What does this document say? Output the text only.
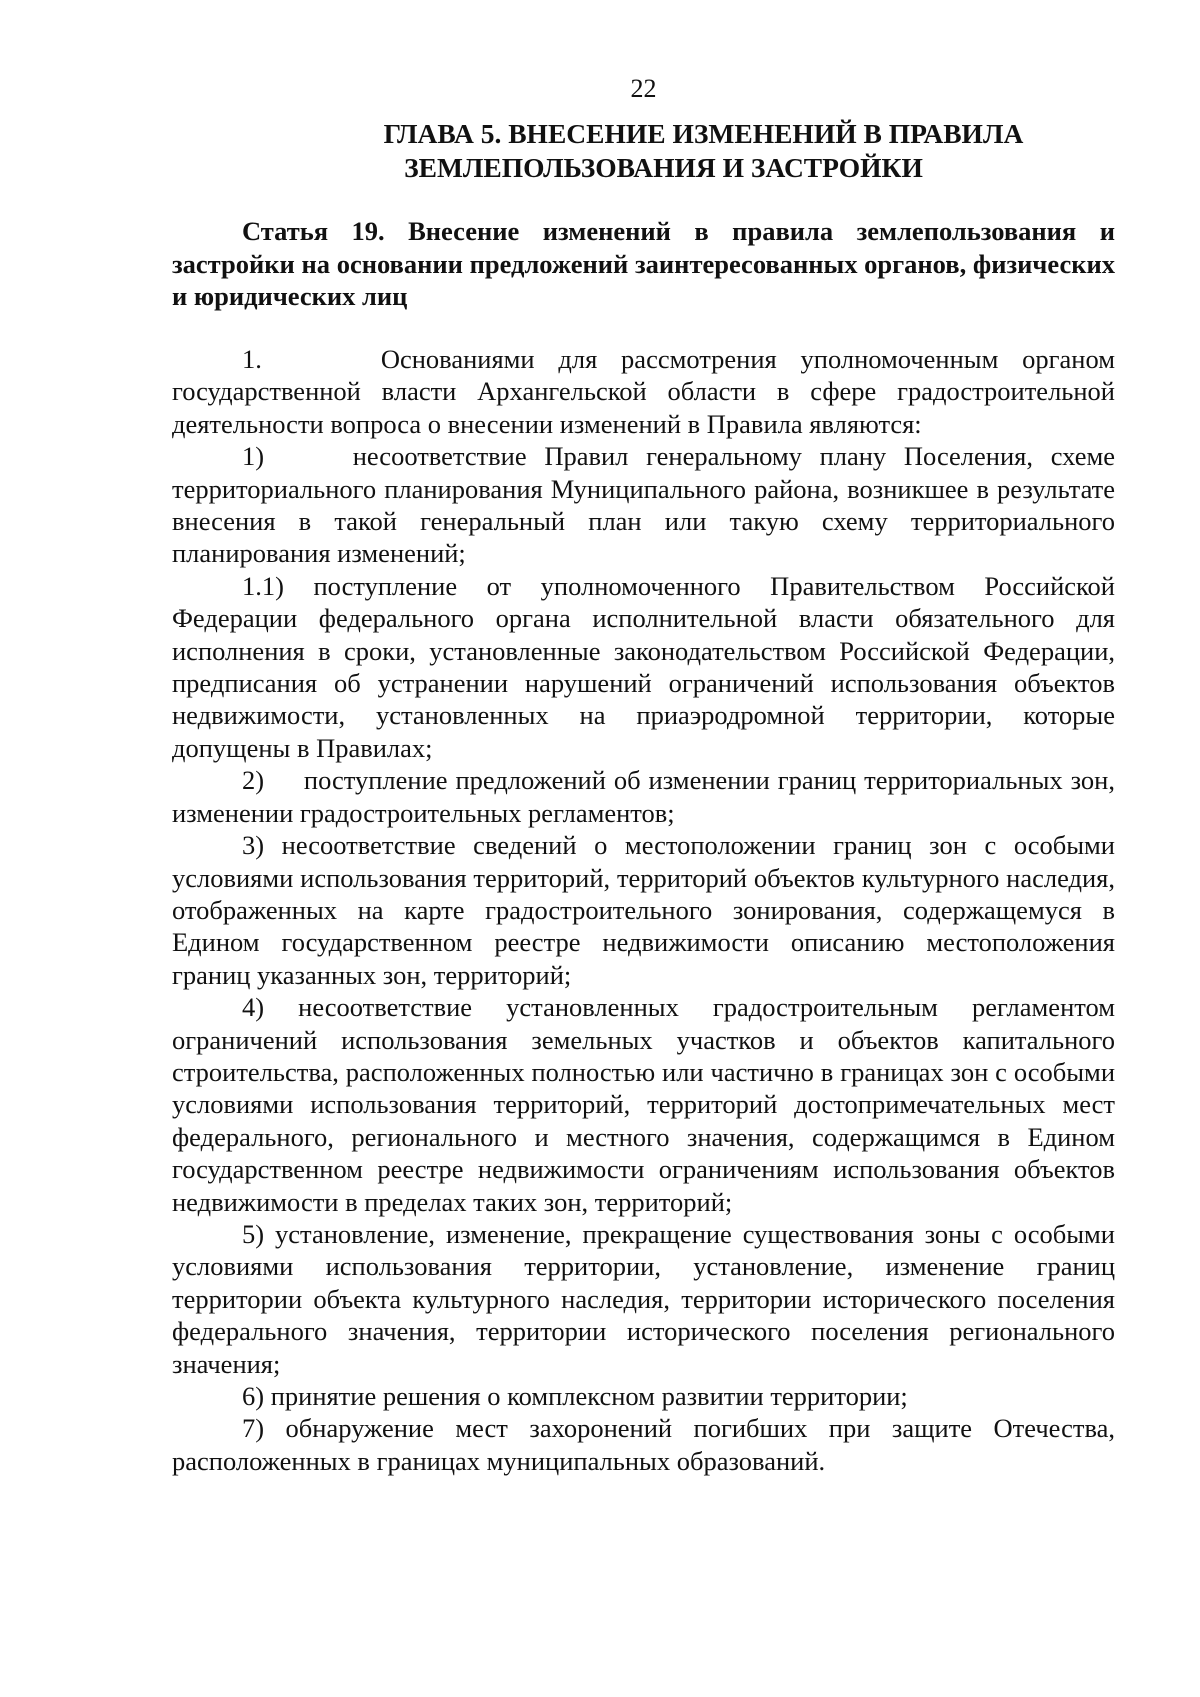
22
ГЛАВА 5. ВНЕСЕНИЕ ИЗМЕНЕНИЙ В ПРАВИЛА
ЗЕМЛЕПОЛЬЗОВАНИЯ И ЗАСТРОЙКИ
Статья 19. Внесение изменений в правила землепользования и застройки на основании предложений заинтересованных органов, физических и юридических лиц

1.     Основаниями для рассмотрения уполномоченным органом государственной власти Архангельской области в сфере градостроительной деятельности вопроса о внесении изменений в Правила являются:

1)     несоответствие Правил генеральному плану Поселения, схеме территориального планирования Муниципального района, возникшее в результате внесения в такой генеральный план или такую схему территориального планирования изменений;

1.1) поступление от уполномоченного Правительством Российской Федерации федерального органа исполнительной власти обязательного для исполнения в сроки, установленные законодательством Российской Федерации, предписания об устранении нарушений ограничений использования объектов недвижимости, установленных на приаэродромной территории, которые допущены в Правилах;

2)     поступление предложений об изменении границ территориальных зон, изменении градостроительных регламентов;

3) несоответствие сведений о местоположении границ зон с особыми условиями использования территорий, территорий объектов культурного наследия, отображенных на карте градостроительного зонирования, содержащемуся в Едином государственном реестре недвижимости описанию местоположения границ указанных зон, территорий;

4) несоответствие установленных градостроительным регламентом ограничений использования земельных участков и объектов капитального строительства, расположенных полностью или частично в границах зон с особыми условиями использования территорий, территорий достопримечательных мест федерального, регионального и местного значения, содержащимся в Едином государственном реестре недвижимости ограничениям использования объектов недвижимости в пределах таких зон, территорий;

5) установление, изменение, прекращение существования зоны с особыми условиями использования территории, установление, изменение границ территории объекта культурного наследия, территории исторического поселения федерального значения, территории исторического поселения регионального значения;

6) принятие решения о комплексном развитии территории;

7) обнаружение мест захоронений погибших при защите Отечества, расположенных в границах муниципальных образований.
